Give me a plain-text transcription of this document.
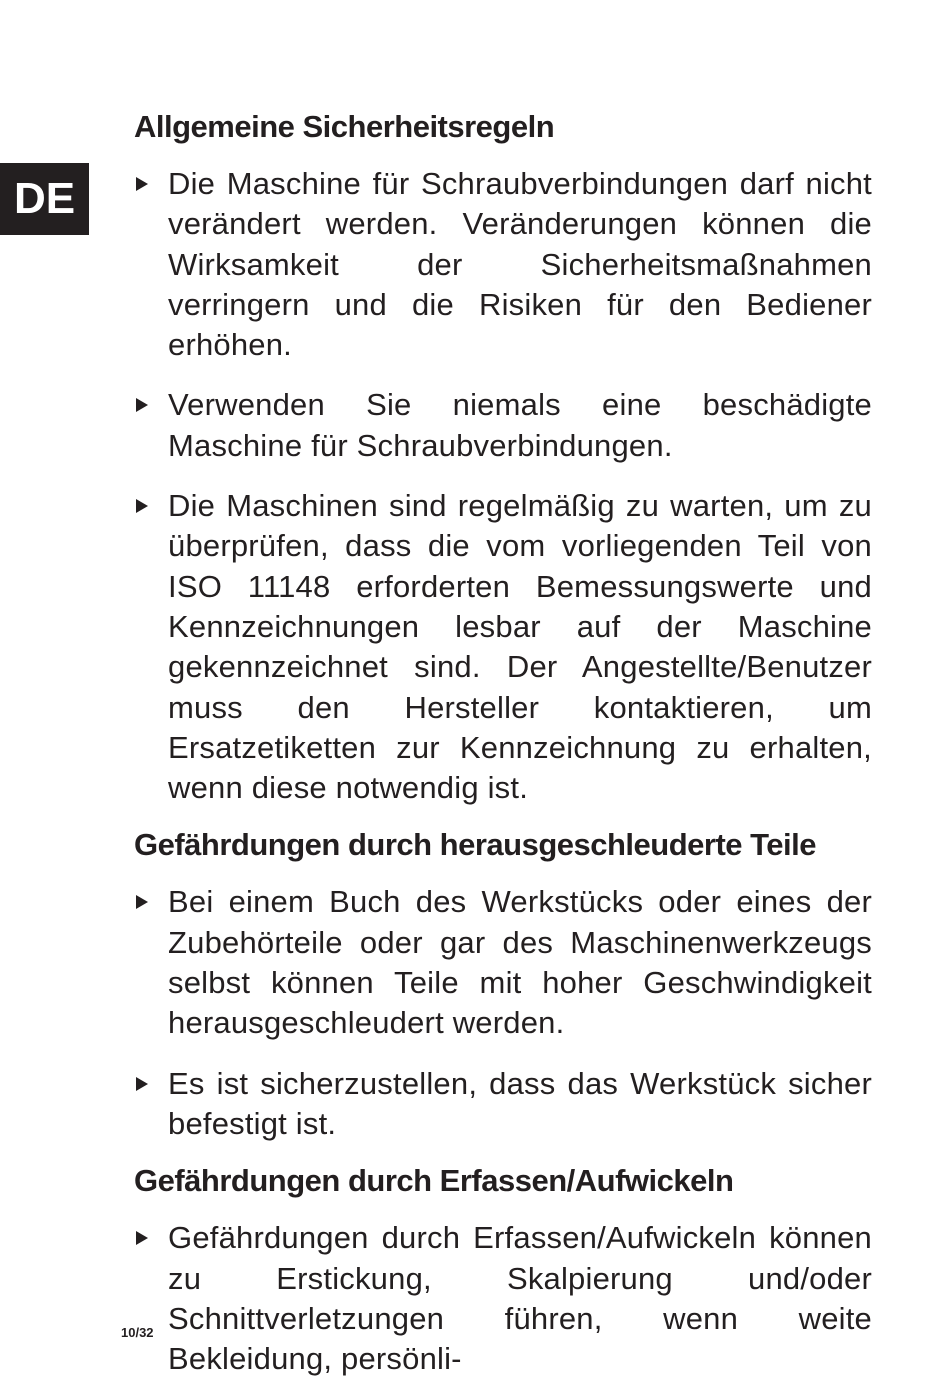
DE
Allgemeine Sicherheitsregeln
Die Maschine für Schraubverbindungen darf nicht verändert werden. Veränderungen können die Wirksamkeit der Sicherheitsmaßnahmen verringern und die Risiken für den Bediener erhöhen.
Verwenden Sie niemals eine beschädigte Maschine für Schraubverbindungen.
Die Maschinen sind regelmäßig zu warten, um zu überprüfen, dass die vom vorliegenden Teil von ISO 11148 erforderten Bemessungswerte und Kennzeichnungen lesbar auf der Maschine gekennzeichnet sind. Der Angestellte/Benutzer muss den Hersteller kontaktieren, um Ersatzetiketten zur Kennzeichnung zu erhalten, wenn diese notwendig ist.
Gefährdungen durch herausgeschleuderte Teile
Bei einem Buch des Werkstücks oder eines der Zubehörteile oder gar des Maschinenwerkzeugs selbst können Teile mit hoher Geschwindigkeit herausgeschleudert werden.
Es ist sicherzustellen, dass das Werkstück sicher befestigt ist.
Gefährdungen durch Erfassen/Aufwickeln
Gefährdungen durch Erfassen/Aufwickeln können zu Erstickung, Skalpierung und/oder Schnittverletzungen führen, wenn weite Bekleidung, persönli-
10/32
